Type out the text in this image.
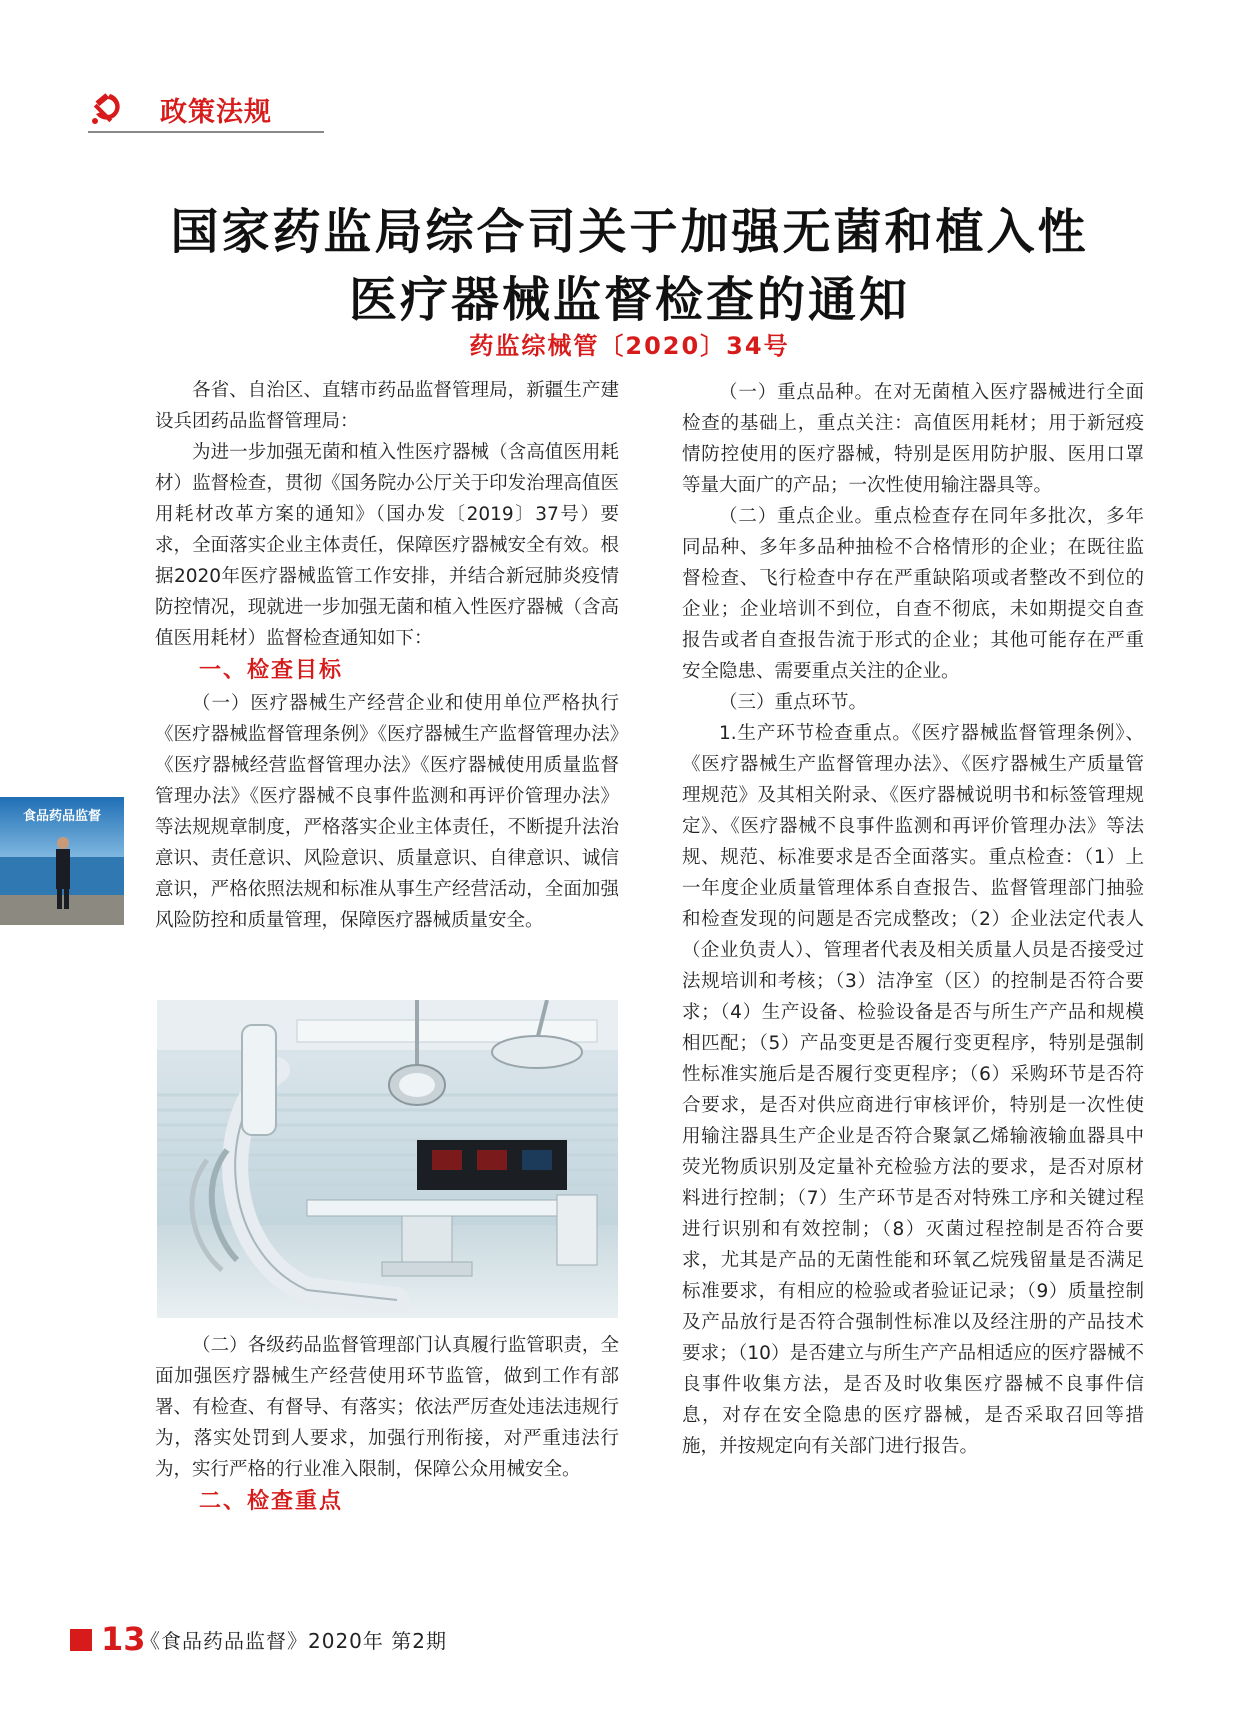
政策法规
国家药监局综合司关于加强无菌和植入性
医疗器械监督检查的通知
药监综械管〔2020〕34号

各省、自治区、直辖市药品监督管理局，新疆生产建设兵团药品监督管理局：

为进一步加强无菌和植入性医疗器械（含高值医用耗材）监督检查，贯彻《国务院办公厅关于印发治理高值医用耗材改革方案的通知》（国办发〔2019〕37号）要求，全面落实企业主体责任，保障医疗器械安全有效。根据2020年医疗器械监管工作安排，并结合新冠肺炎疫情防控情况，现就进一步加强无菌和植入性医疗器械（含高值医用耗材）监督检查通知如下：

一、检查目标

（一）医疗器械生产经营企业和使用单位严格执行《医疗器械监督管理条例》《医疗器械生产监督管理办法》《医疗器械经营监督管理办法》《医疗器械使用质量监督管理办法》《医疗器械不良事件监测和再评价管理办法》等法规规章制度，严格落实企业主体责任，不断提升法治意识、责任意识、风险意识、质量意识、自律意识、诚信意识，严格依照法规和标准从事生产经营活动，全面加强风险防控和质量管理，保障医疗器械质量安全。

（二）各级药品监督管理部门认真履行监管职责，全面加强医疗器械生产经营使用环节监管，做到工作有部署、有检查、有督导、有落实；依法严厉查处违法违规行为，落实处罚到人要求，加强行刑衔接，对严重违法行为，实行严格的行业准入限制，保障公众用械安全。

二、检查重点

（一）重点品种。在对无菌植入医疗器械进行全面检查的基础上，重点关注：高值医用耗材；用于新冠疫情防控使用的医疗器械，特别是医用防护服、医用口罩等量大面广的产品；一次性使用输注器具等。

（二）重点企业。重点检查存在同年多批次，多年同品种、多年多品种抽检不合格情形的企业；在既往监督检查、飞行检查中存在严重缺陷项或者整改不到位的企业；企业培训不到位，自查不彻底，未如期提交自查报告或者自查报告流于形式的企业；其他可能存在严重安全隐患、需要重点关注的企业。

（三）重点环节。

1.生产环节检查重点。《医疗器械监督管理条例》、《医疗器械生产监督管理办法》、《医疗器械生产质量管理规范》及其相关附录、《医疗器械说明书和标签管理规定》、《医疗器械不良事件监测和再评价管理办法》等法规、规范、标准要求是否全面落实。重点检查：（1）上一年度企业质量管理体系自查报告、监督管理部门抽验和检查发现的问题是否完成整改；（2）企业法定代表人（企业负责人）、管理者代表及相关质量人员是否接受过法规培训和考核；（3）洁净室（区）的控制是否符合要求；（4）生产设备、检验设备是否与所生产产品和规模相匹配；（5）产品变更是否履行变更程序，特别是强制性标准实施后是否履行变更程序；（6）采购环节是否符合要求，是否对供应商进行审核评价，特别是一次性使用输注器具生产企业是否符合聚氯乙烯输液输血器具中荧光物质识别及定量补充检验方法的要求，是否对原材料进行控制；（7）生产环节是否对特殊工序和关键过程进行识别和有效控制；（8）灭菌过程控制是否符合要求，尤其是产品的无菌性能和环氧乙烷残留量是否满足标准要求，有相应的检验或者验证记录；（9）质量控制及产品放行是否符合强制性标准以及经注册的产品技术要求；（10）是否建立与所生产产品相适应的医疗器械不良事件收集方法，是否及时收集医疗器械不良事件信息，对存在安全隐患的医疗器械，是否采取召回等措施，并按规定向有关部门进行报告。

食品药品监督
13
《食品药品监督》2020年 第2期
